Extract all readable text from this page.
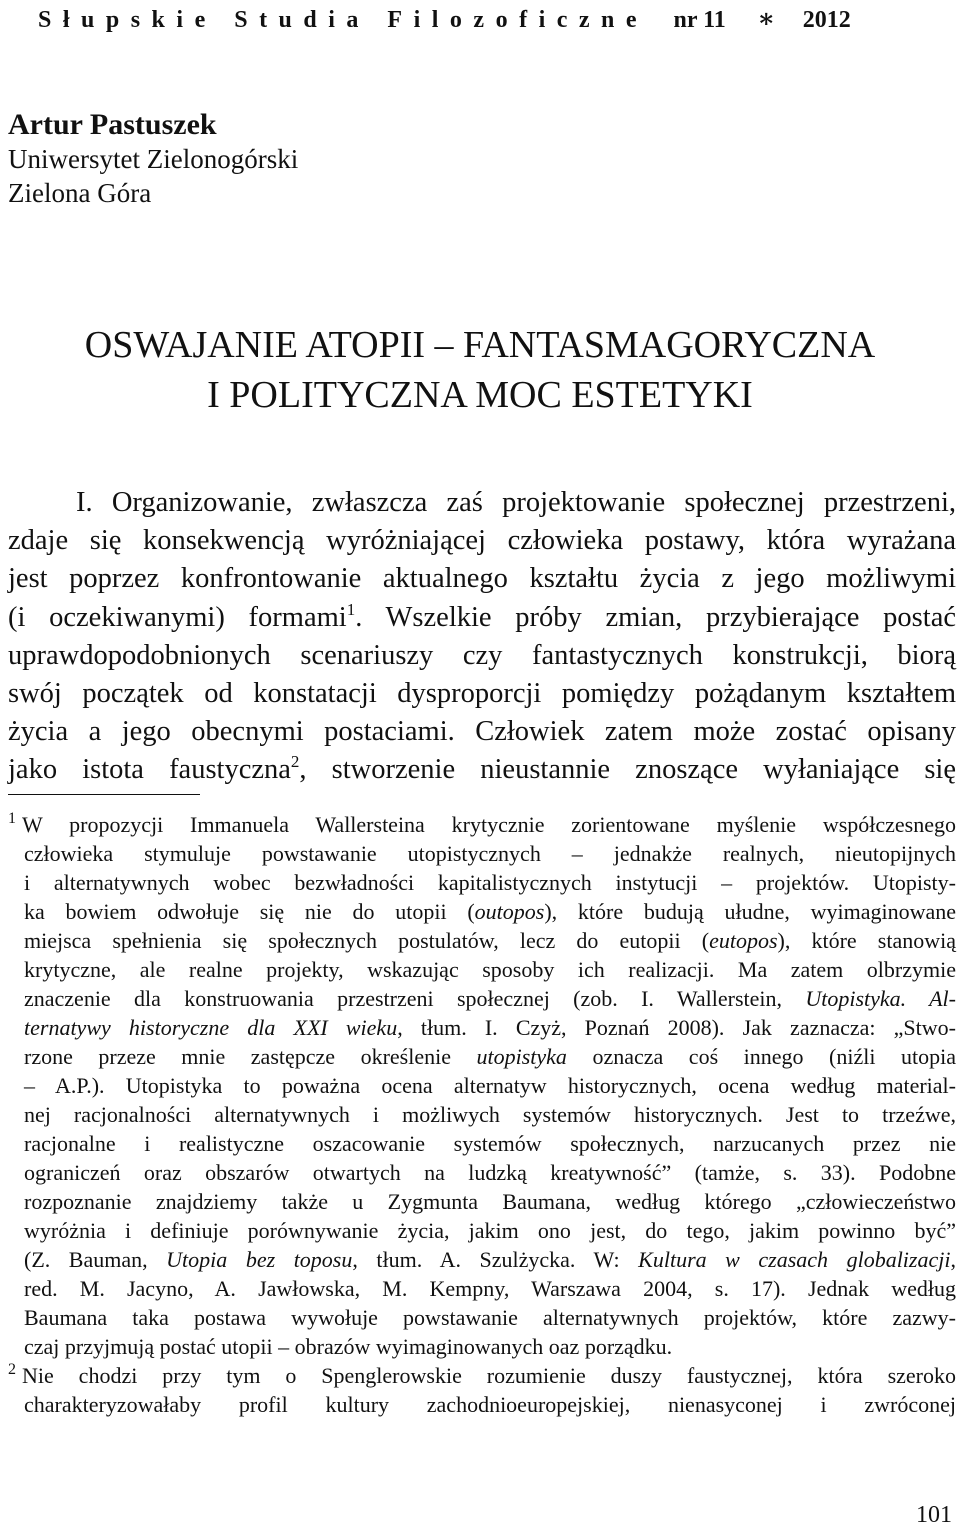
Słupskie Studia Filozoficzne nr 11 ∗ 2012
Artur Pastuszek
Uniwersytet Zielonogórski
Zielona Góra
OSWAJANIE ATOPII – FANTASMAGORYCZNA
I POLITYCZNA MOC ESTETYKI
I. Organizowanie, zwłaszcza zaś projektowanie społecznej przestrzeni,
zdaje się konsekwencją wyróżniającej człowieka postawy, która wyrażana
jest poprzez konfrontowanie aktualnego kształtu życia z jego możliwymi
(i oczekiwanymi) formami$^1$. Wszelkie próby zmian, przybierające postać
uprawdopodobnionych scenariuszy czy fantastycznych konstrukcji, biorą
swój początek od konstatacji dysproporcji pomiędzy pożądanym kształtem
życia a jego obecnymi postaciami. Człowiek zatem może zostać opisany
jako istota faustyczna$^2$, stworzenie nieustannie znoszące wyłaniające się
$^1$ W propozycji Immanuela Wallersteina krytycznie zorientowane myślenie współczesnego
człowieka stymuluje powstawanie utopistycznych – jednakże realnych, nieutopijnych
i alternatywnych wobec bezwładności kapitalistycznych instytucji – projektów. Utopisty-
ka bowiem odwołuje się nie do utopii (outopos), które budują ułudne, wyimaginowane
miejsca spełnienia się społecznych postulatów, lecz do eutopii (eutopos), które stanowią
krytyczne, ale realne projekty, wskazując sposoby ich realizacji. Ma zatem olbrzymie
znaczenie dla konstruowania przestrzeni społecznej (zob. I. Wallerstein, Utopistyka. Al-
ternatywy historyczne dla XXI wieku, tłum. I. Czyż, Poznań 2008). Jak zaznacza: „Stwo-
rzone przeze mnie zastępcze określenie utopistyka oznacza coś innego (niźli utopia
– A.P.). Utopistyka to poważna ocena alternatyw historycznych, ocena według material-
nej racjonalności alternatywnych i możliwych systemów historycznych. Jest to trzeźwe,
racjonalne i realistyczne oszacowanie systemów społecznych, narzucanych przez nie
ograniczeń oraz obszarów otwartych na ludzką kreatywność” (tamże, s. 33). Podobne
rozpoznanie znajdziemy także u Zygmunta Baumana, według którego „człowieczeństwo
wyróżnia i definiuje porównywanie życia, jakim ono jest, do tego, jakim powinno być”
(Z. Bauman, Utopia bez toposu, tłum. A. Szulżycka. W: Kultura w czasach globalizacji,
red. M. Jacyno, A. Jawłowska, M. Kempny, Warszawa 2004, s. 17). Jednak według
Baumana taka postawa wywołuje powstawanie alternatywnych projektów, które zazwy-
czaj przyjmują postać utopii – obrazów wyimaginowanych oaz porządku.
$^2$ Nie chodzi przy tym o Spenglerowskie rozumienie duszy faustycznej, która szeroko
charakteryzowałaby profil kultury zachodnioeuropejskiej, nienasyconej i zwróconej
101
